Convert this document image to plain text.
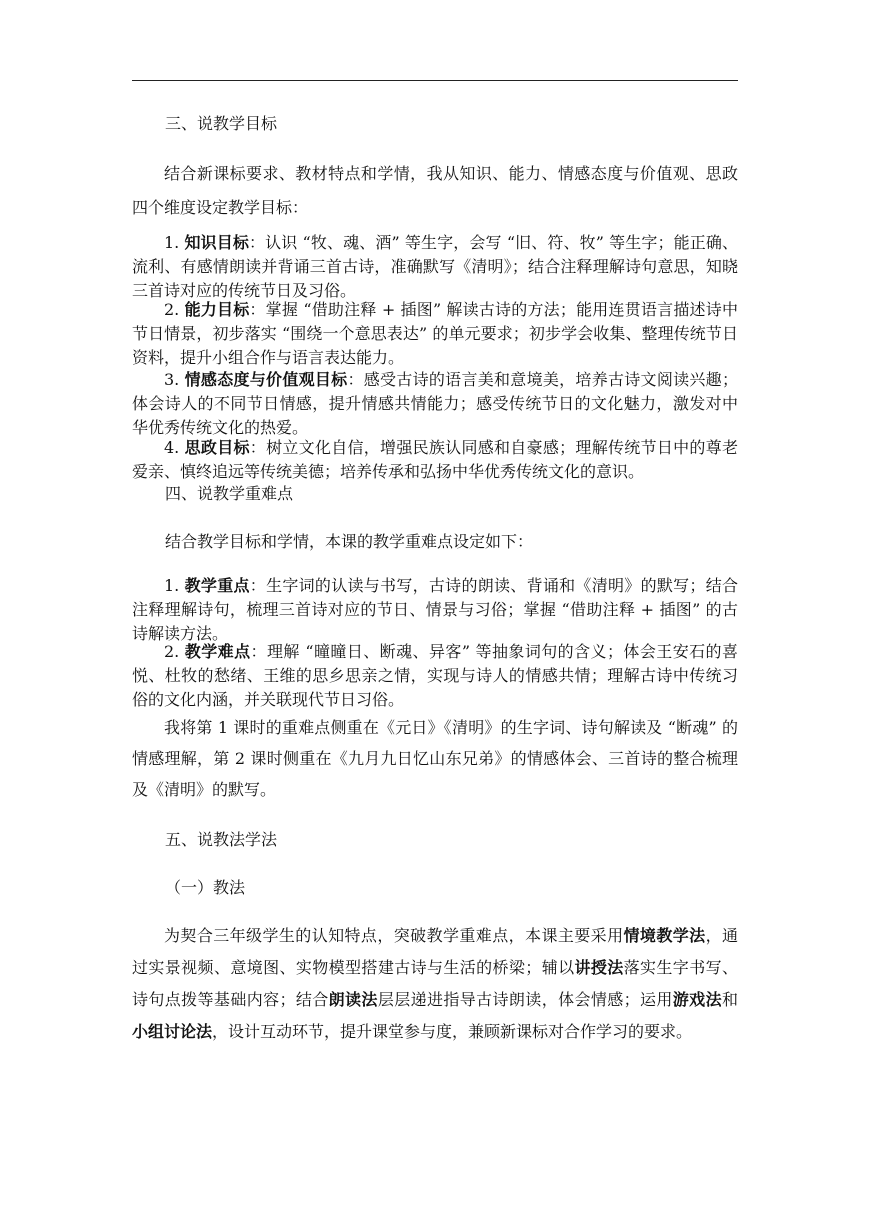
三、说教学目标

结合新课标要求、教材特点和学情，我从知识、能力、情感态度与价值观、思政四个维度设定教学目标：

1. 知识目标：认识 “牧、魂、酒” 等生字，会写 “旧、符、牧” 等生字；能正确、流利、有感情朗读并背诵三首古诗，准确默写《清明》；结合注释理解诗句意思，知晓三首诗对应的传统节日及习俗。

2. 能力目标：掌握 “借助注释 + 插图” 解读古诗的方法；能用连贯语言描述诗中节日情景，初步落实 “围绕一个意思表达” 的单元要求；初步学会收集、整理传统节日资料，提升小组合作与语言表达能力。

3. 情感态度与价值观目标：感受古诗的语言美和意境美，培养古诗文阅读兴趣；体会诗人的不同节日情感，提升情感共情能力；感受传统节日的文化魅力，激发对中华优秀传统文化的热爱。

4. 思政目标：树立文化自信，增强民族认同感和自豪感；理解传统节日中的尊老爱亲、慎终追远等传统美德；培养传承和弘扬中华优秀传统文化的意识。

四、说教学重难点
结合教学目标和学情，本课的教学重难点设定如下：

1. 教学重点：生字词的认读与书写，古诗的朗读、背诵和《清明》的默写；结合注释理解诗句，梳理三首诗对应的节日、情景与习俗；掌握 “借助注释 + 插图” 的古诗解读方法。

2. 教学难点：理解 “曈曈日、断魂、异客” 等抽象词句的含义；体会王安石的喜悦、杜牧的愁绪、王维的思乡思亲之情，实现与诗人的情感共情；理解古诗中传统习俗的文化内涵，并关联现代节日习俗。

我将第 1 课时的重难点侧重在《元日》《清明》的生字词、诗句解读及 “断魂” 的情感理解，第 2 课时侧重在《九月九日忆山东兄弟》的情感体会、三首诗的整合梳理及《清明》的默写。

五、说教法学法
（一）教法

为契合三年级学生的认知特点，突破教学重难点，本课主要采用情境教学法，通过实景视频、意境图、实物模型搭建古诗与生活的桥梁；辅以讲授法落实生字书写、诗句点拨等基础内容；结合朗读法层层递进指导古诗朗读，体会情感；运用游戏法和小组讨论法，设计互动环节，提升课堂参与度，兼顾新课标对合作学习的要求。
